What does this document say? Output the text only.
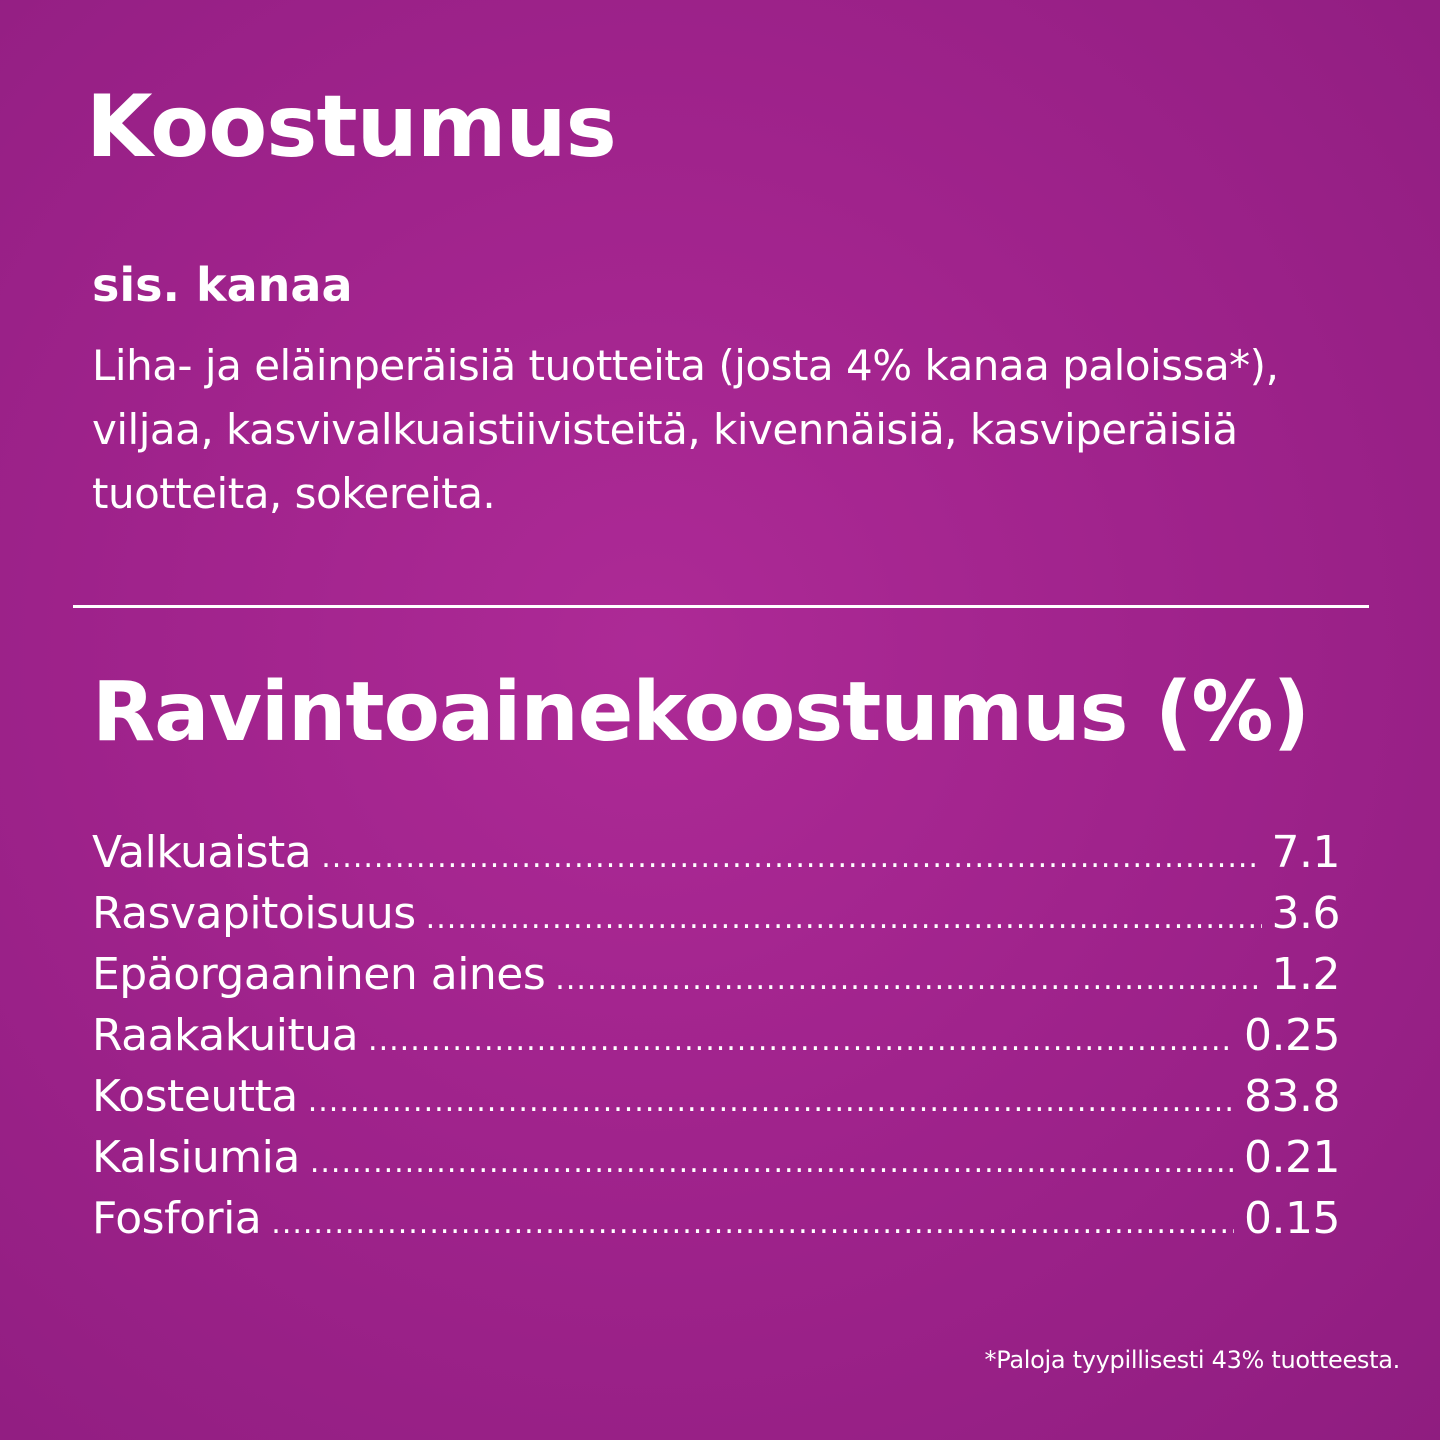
Koostumus
sis. kanaa
Liha- ja eläinperäisiä tuotteita (josta 4% kanaa paloissa*), viljaa, kasvivalkuaistiivisteitä, kivennäisiä, kasviperäisiä tuotteita, sokereita.
Ravintoainekoostumus (%)
Valkuaista .....	7.1
Rasvapitoisuus .....	3.6
Epäorgaaninen aines .....	1.2
Raakakuitua .....	0.25
Kosteutta .....	83.8
Kalsiumia .....	0.21
Fosforia .....	0.15
*Paloja tyypillisesti 43% tuotteesta.
